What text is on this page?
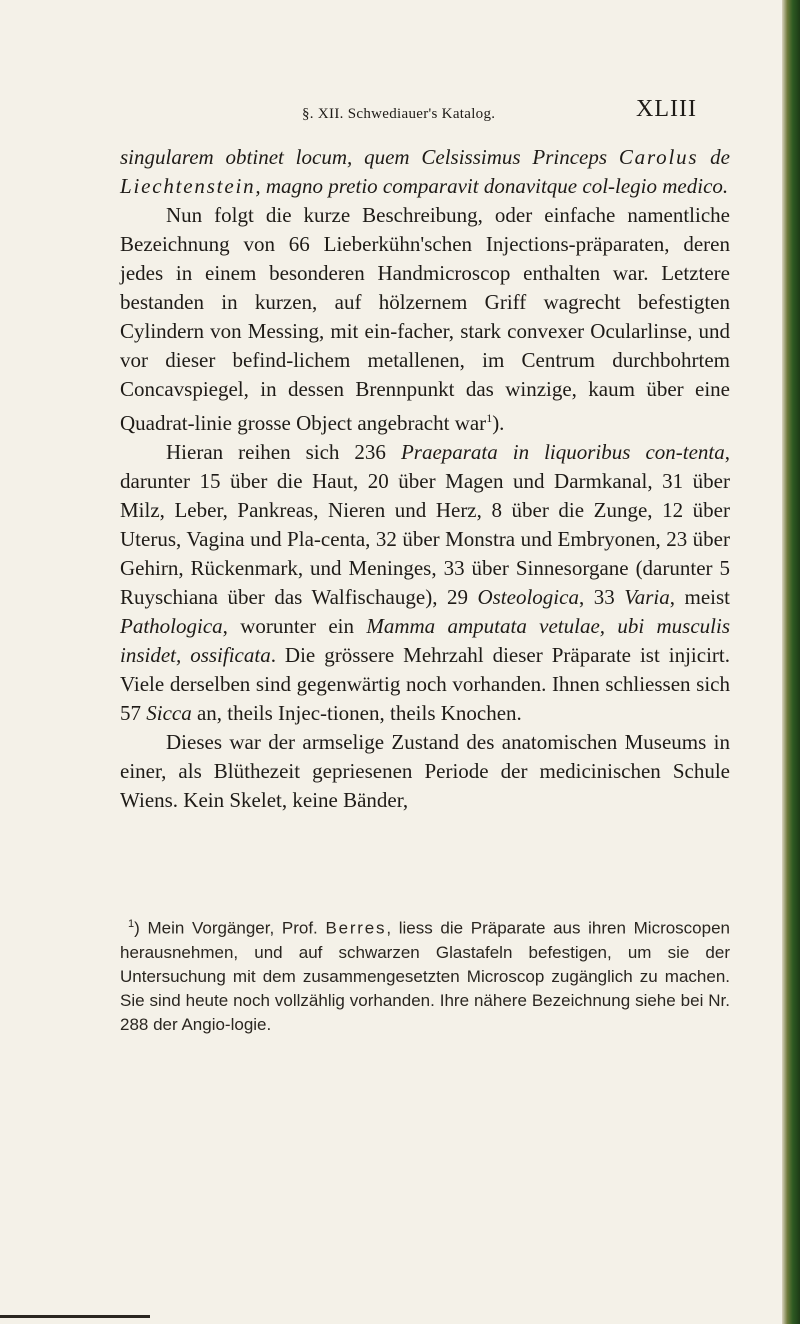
§. XII. Schwediauer's Katalog.	XLIII

singularem obtinet locum, quem Celsissimus Princeps Carolus de Liechtenstein, magno pretio comparavit donavitque col-legio medico.

Nun folgt die kurze Beschreibung, oder einfache namentliche Bezeichnung von 66 Lieberkühn'schen Injections-präparaten, deren jedes in einem besonderen Handmicroscop enthalten war. Letztere bestanden in kurzen, auf hölzernem Griff wagrecht befestigten Cylindern von Messing, mit ein-facher, stark convexer Ocularlinse, und vor dieser befind-lichem metallenen, im Centrum durchbohrtem Concavspiegel, in dessen Brennpunkt das winzige, kaum über eine Quadrat-linie grosse Object angebracht war$^1$).

Hieran reihen sich 236 Praeparata in liquoribus con-tenta, darunter 15 über die Haut, 20 über Magen und Darmkanal, 31 über Milz, Leber, Pankreas, Nieren und Herz, 8 über die Zunge, 12 über Uterus, Vagina und Pla-centa, 32 über Monstra und Embryonen, 23 über Gehirn, Rückenmark, und Meninges, 33 über Sinnesorgane (darunter 5 Ruyschiana über das Walfischauge), 29 Osteologica, 33 Varia, meist Pathologica, worunter ein Mamma amputata vetulae, ubi musculis insidet, ossificata. Die grössere Mehrzahl dieser Präparate ist injicirt. Viele derselben sind gegenwärtig noch vorhanden. Ihnen schliessen sich 57 Sicca an, theils Injec-tionen, theils Knochen.

Dieses war der armselige Zustand des anatomischen Museums in einer, als Blüthezeit gepriesenen Periode der medicinischen Schule Wiens. Kein Skelet, keine Bänder,

$^1$) Mein Vorgänger, Prof. Berres, liess die Präparate aus ihren Microscopen herausnehmen, und auf schwarzen Glastafeln befestigen, um sie der Untersuchung mit dem zusammengesetzten Microscop zugänglich zu machen. Sie sind heute noch vollzählig vorhanden. Ihre nähere Bezeichnung siehe bei Nr. 288 der Angio-logie.
